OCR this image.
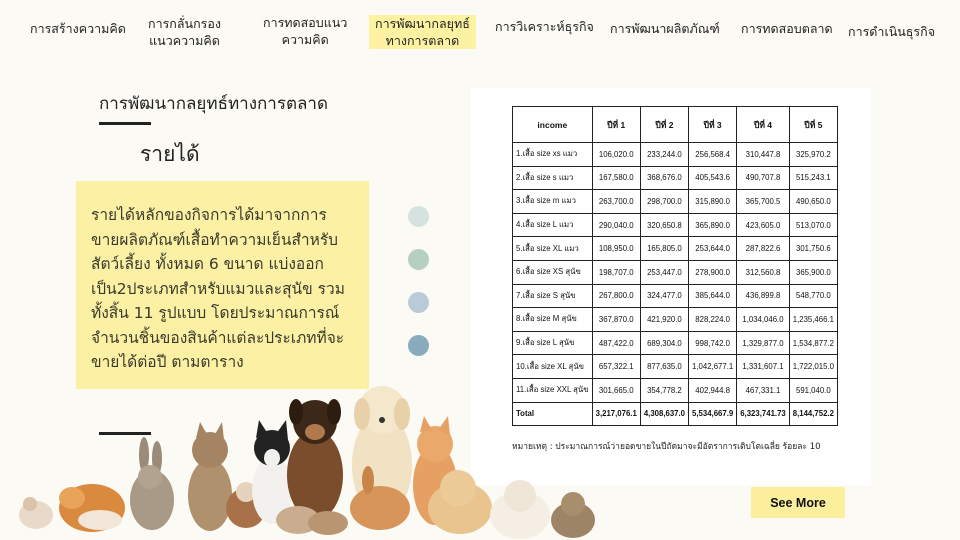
การสร้างความคิด การกลั่นกรอง
แนวความคิด
การทดสอบแนว
ความคิด
การพัฒนากลยุทธ์
ทางการตลาด
การวิเคราะห์ธุรกิจ การพัฒนาผลิตภัณฑ์ การทดสอบตลาด การดำเนินธุรกิจ
การพัฒนากลยุทธ์ทางการตลาด
รายได้

รายได้หลักของกิจการได้มาจากการขายผลิตภัณฑ์เสื้อทำความเย็นสำหรับสัตว์เลี้ยง ทั้งหมด 6 ขนาด แบ่งออกเป็น2ประเภทสำหรับแมวและสุนัข รวมทั้งสิ้น 11 รูปแบบ โดยประมาณการณ์จำนวนชิ้นของสินค้าแต่ละประเภทที่จะขายได้ต่อปี ตามตาราง

income	ปีที่ 1	ปีที่ 2	ปีที่ 3	ปีที่ 4	ปีที่ 5
1.เสื้อ size xs แมว	106,020.0	233,244.0	256,568.4	310,447.8	325,970.2
2.เสื้อ size s แมว	167,580.0	368,676.0	405,543.6	490,707.8	515,243.1
3.เสื้อ size m แมว	263,700.0	298,700.0	315,890.0	365,700.5	490,650.0
4.เสื้อ size L แมว	290,040.0	320,650.8	365,890.0	423,605.0	513,070.0
5.เสื้อ size XL แมว	108,950.0	165,805.0	253,644.0	287,822.6	301,750.6
6.เสื้อ size XS สุนัข	198,707.0	253,447.0	278,900.0	312,560.8	365,900.0
7.เสื้อ size S สุนัข	267,800.0	324,477.0	385,644.0	436,899.8	548,770.0
8.เสื้อ size M สุนัข	367,870.0	421,920.0	828,224.0	1,034,046.0	1,235,466.1
9.เสื้อ size L สุนัข	487,422.0	689,304.0	998,742.0	1,329,877.0	1,534,877.2
10.เสื้อ size XL สุนัข	657,322.1	877,635.0	1,042,677.1	1,331,607.1	1,722,015.0
11.เสื้อ size XXL สุนัข	301,665.0	354,778.2	402,944.8	467,331.1	591,040.0
Total	3,217,076.1	4,308,637.0	5,534,667.9	6,323,741.73	8,144,752.2
หมายเหตุ : ประมาณการณ์ว่ายอดขายในปีถัดมาจะมีอัตราการเติบโตเฉลี่ย ร้อยละ 10
See More
